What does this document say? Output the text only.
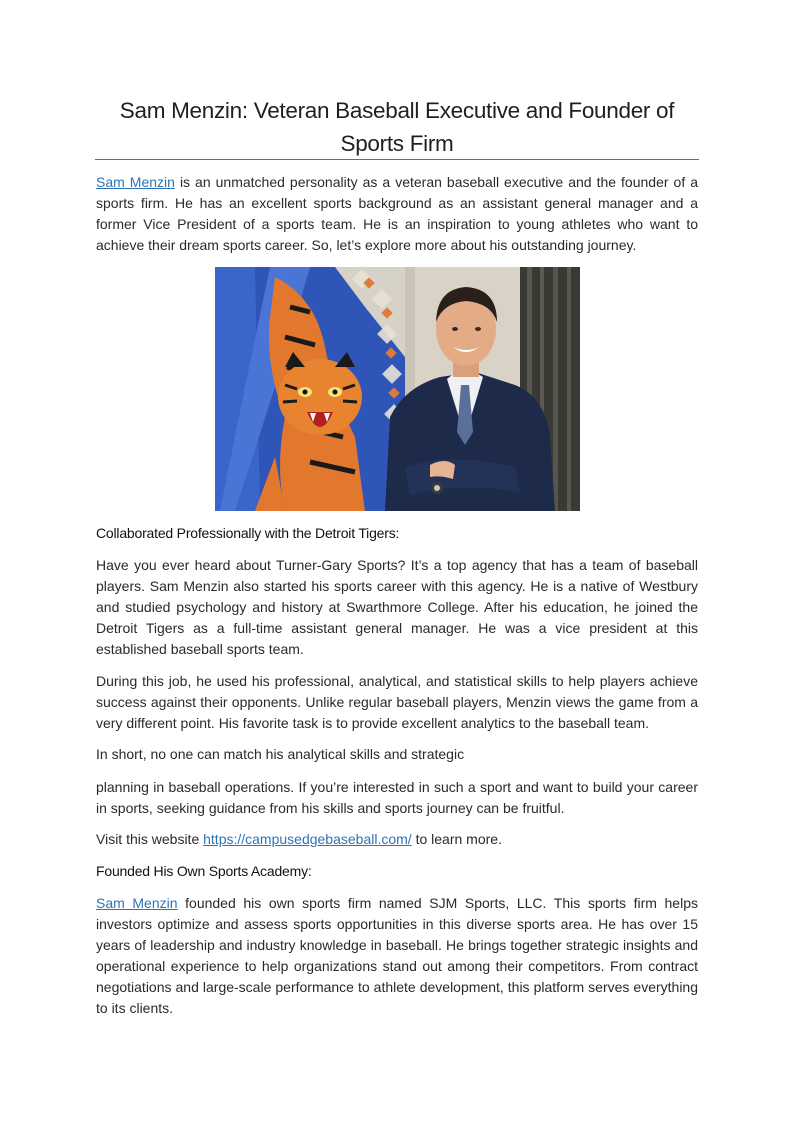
Sam Menzin: Veteran Baseball Executive and Founder of Sports Firm
Sam Menzin is an unmatched personality as a veteran baseball executive and the founder of a sports firm. He has an excellent sports background as an assistant general manager and a former Vice President of a sports team. He is an inspiration to young athletes who want to achieve their dream sports career. So, let’s explore more about his outstanding journey.
Collaborated Professionally with the Detroit Tigers:
Have you ever heard about Turner-Gary Sports? It’s a top agency that has a team of baseball players. Sam Menzin also started his sports career with this agency. He is a native of Westbury and studied psychology and history at Swarthmore College. After his education, he joined the Detroit Tigers as a full-time assistant general manager. He was a vice president at this established baseball sports team.
During this job, he used his professional, analytical, and statistical skills to help players achieve success against their opponents. Unlike regular baseball players, Menzin views the game from a very different point. His favorite task is to provide excellent analytics to the baseball team.
In short, no one can match his analytical skills and strategic
planning in baseball operations. If you’re interested in such a sport and want to build your career in sports, seeking guidance from his skills and sports journey can be fruitful.
Visit this website https://campusedgebaseball.com/ to learn more.
Founded His Own Sports Academy:
Sam Menzin founded his own sports firm named SJM Sports, LLC. This sports firm helps investors optimize and assess sports opportunities in this diverse sports area. He has over 15 years of leadership and industry knowledge in baseball. He brings together strategic insights and operational experience to help organizations stand out among their competitors. From contract negotiations and large-scale performance to athlete development, this platform serves everything to its clients.
